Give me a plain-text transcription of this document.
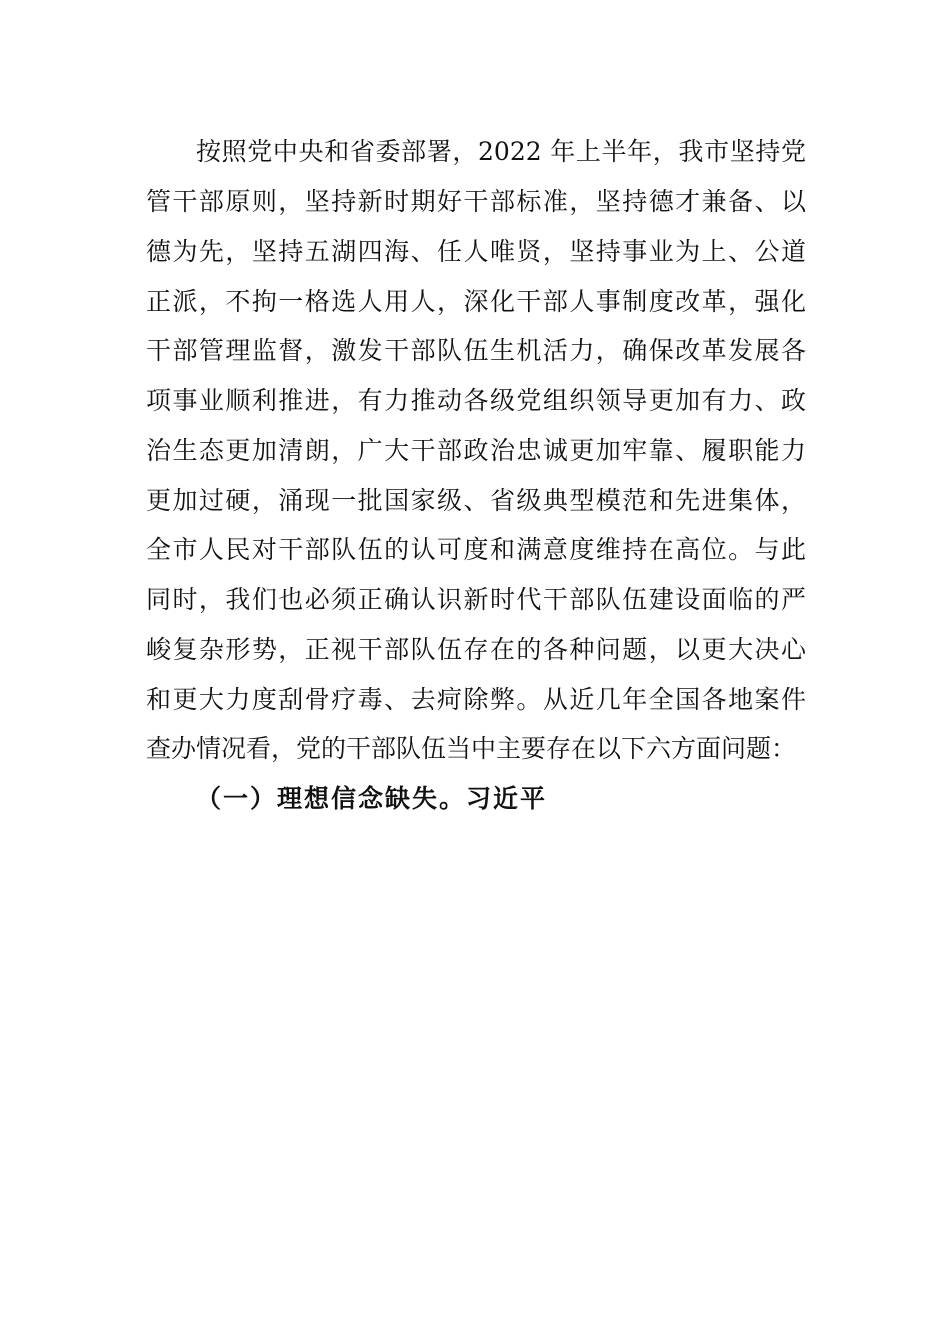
按照党中央和省委部署，2022 年上半年，我市坚持党
管干部原则，坚持新时期好干部标准，坚持德才兼备、以
德为先，坚持五湖四海、任人唯贤，坚持事业为上、公道
正派，不拘一格选人用人，深化干部人事制度改革，强化
干部管理监督，激发干部队伍生机活力，确保改革发展各
项事业顺利推进，有力推动各级党组织领导更加有力、政
治生态更加清朗，广大干部政治忠诚更加牢靠、履职能力
更加过硬，涌现一批国家级、省级典型模范和先进集体，
全市人民对干部队伍的认可度和满意度维持在高位。与此
同时，我们也必须正确认识新时代干部队伍建设面临的严
峻复杂形势，正视干部队伍存在的各种问题，以更大决心
和更大力度刮骨疗毒、去疴除弊。从近几年全国各地案件
查办情况看，党的干部队伍当中主要存在以下六方面问题：
（一）理想信念缺失。习近平
